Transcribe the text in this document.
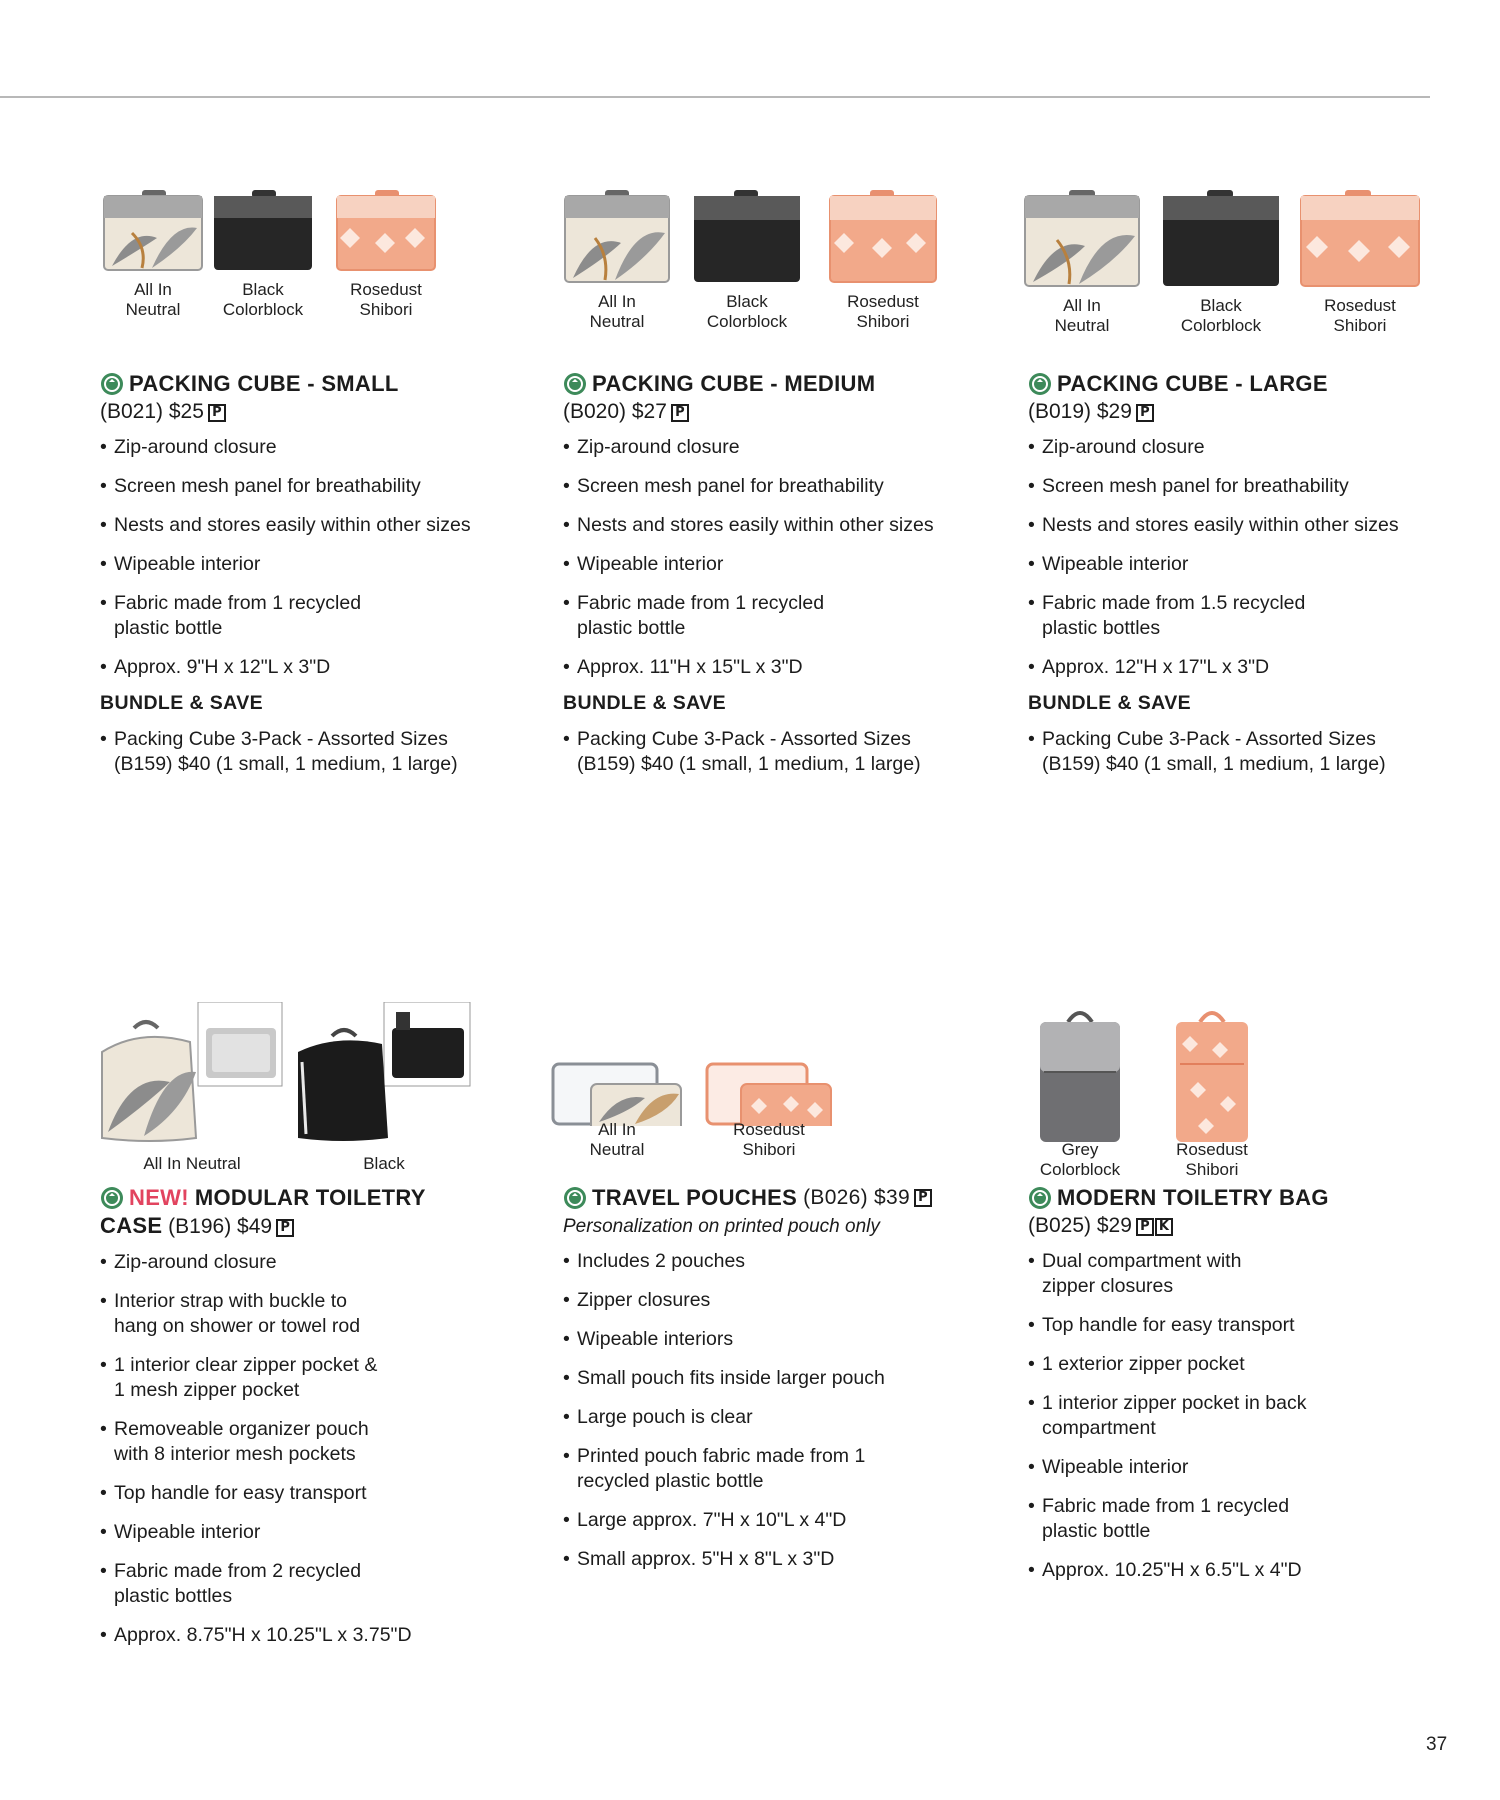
All In
Neutral
Black
Colorblock
Rosedust
Shibori
PACKING CUBE - SMALL
(B021) $25 P
• Zip-around closure
• Screen mesh panel for breathability
• Nests and stores easily within other sizes
• Wipeable interior
• Fabric made from 1 recycled plastic bottle
• Approx. 9"H x 12"L x 3"D
BUNDLE & SAVE
• Packing Cube 3-Pack - Assorted Sizes (B159) $40 (1 small, 1 medium, 1 large)
All In
Neutral
Black
Colorblock
Rosedust
Shibori
PACKING CUBE - MEDIUM
(B020) $27 P
• Zip-around closure
• Screen mesh panel for breathability
• Nests and stores easily within other sizes
• Wipeable interior
• Fabric made from 1 recycled plastic bottle
• Approx. 11"H x 15"L x 3"D
BUNDLE & SAVE
• Packing Cube 3-Pack - Assorted Sizes (B159) $40 (1 small, 1 medium, 1 large)
All In
Neutral
Black
Colorblock
Rosedust
Shibori
PACKING CUBE - LARGE
(B019) $29 P
• Zip-around closure
• Screen mesh panel for breathability
• Nests and stores easily within other sizes
• Wipeable interior
• Fabric made from 1.5 recycled plastic bottles
• Approx. 12"H x 17"L x 3"D
BUNDLE & SAVE
• Packing Cube 3-Pack - Assorted Sizes (B159) $40 (1 small, 1 medium, 1 large)
All In Neutral	Black
NEW! MODULAR TOILETRY
CASE (B196) $49 P
• Zip-around closure
• Interior strap with buckle to hang on shower or towel rod
• 1 interior clear zipper pocket & 1 mesh zipper pocket
• Removeable organizer pouch with 8 interior mesh pockets
• Top handle for easy transport
• Wipeable interior
• Fabric made from 2 recycled plastic bottles
• Approx. 8.75"H x 10.25"L x 3.75"D
All In
Neutral
Rosedust
Shibori
TRAVEL POUCHES (B026) $39 P
Personalization on printed pouch only
• Includes 2 pouches
• Zipper closures
• Wipeable interiors
• Small pouch fits inside larger pouch
• Large pouch is clear
• Printed pouch fabric made from 1 recycled plastic bottle
• Large approx. 7"H x 10"L x 4"D
• Small approx. 5"H x 8"L x 3"D
Grey
Colorblock
Rosedust
Shibori
MODERN TOILETRY BAG
(B025) $29 P K
• Dual compartment with zipper closures
• Top handle for easy transport
• 1 exterior zipper pocket
• 1 interior zipper pocket in back compartment
• Wipeable interior
• Fabric made from 1 recycled plastic bottle
• Approx. 10.25"H x 6.5"L x 4"D
37
